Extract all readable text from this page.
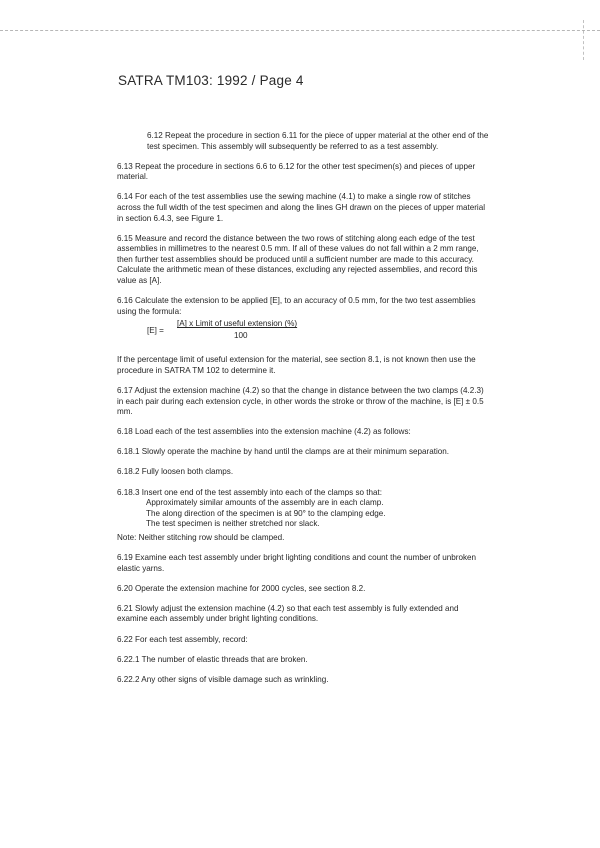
SATRA TM103: 1992 / Page 4

6.12 Repeat the procedure in section 6.11 for the piece of upper material at the other end of the test specimen. This assembly will subsequently be referred to as a test assembly.

6.13 Repeat the procedure in sections 6.6 to 6.12 for the other test specimen(s) and pieces of upper material.

6.14 For each of the test assemblies use the sewing machine (4.1) to make a single row of stitches across the full width of the test specimen and along the lines GH drawn on the pieces of upper material in section 6.4.3, see Figure 1.

6.15 Measure and record the distance between the two rows of stitching along each edge of the test assemblies in millimetres to the nearest 0.5 mm. If all of these values do not fall within a 2 mm range, then further test assemblies should be produced until a sufficient number are made to this accuracy. Calculate the arithmetic mean of these distances, excluding any rejected assemblies, and record this value as [A].

6.16 Calculate the extension to be applied [E], to an accuracy of 0.5 mm, for the two test assemblies using the formula:

[E] =
[A] x Limit of useful extension (%)
100

If the percentage limit of useful extension for the material, see section 8.1, is not known then use the procedure in SATRA TM 102 to determine it.

6.17 Adjust the extension machine (4.2) so that the change in distance between the two clamps (4.2.3) in each pair during each extension cycle, in other words the stroke or throw of the machine, is [E] ± 0.5 mm.

6.18 Load each of the test assemblies into the extension machine (4.2) as follows:

6.18.1 Slowly operate the machine by hand until the clamps are at their minimum separation.

6.18.2 Fully loosen both clamps.

6.18.3 Insert one end of the test assembly into each of the clamps so that:

Approximately similar amounts of the assembly are in each clamp.

The along direction of the specimen is at 90° to the clamping edge.

The test specimen is neither stretched nor slack.

Note: Neither stitching row should be clamped.

6.19 Examine each test assembly under bright lighting conditions and count the number of unbroken elastic yarns.

6.20 Operate the extension machine for 2000 cycles, see section 8.2.

6.21 Slowly adjust the extension machine (4.2) so that each test assembly is fully extended and examine each assembly under bright lighting conditions.

6.22 For each test assembly, record:

6.22.1 The number of elastic threads that are broken.

6.22.2 Any other signs of visible damage such as wrinkling.
